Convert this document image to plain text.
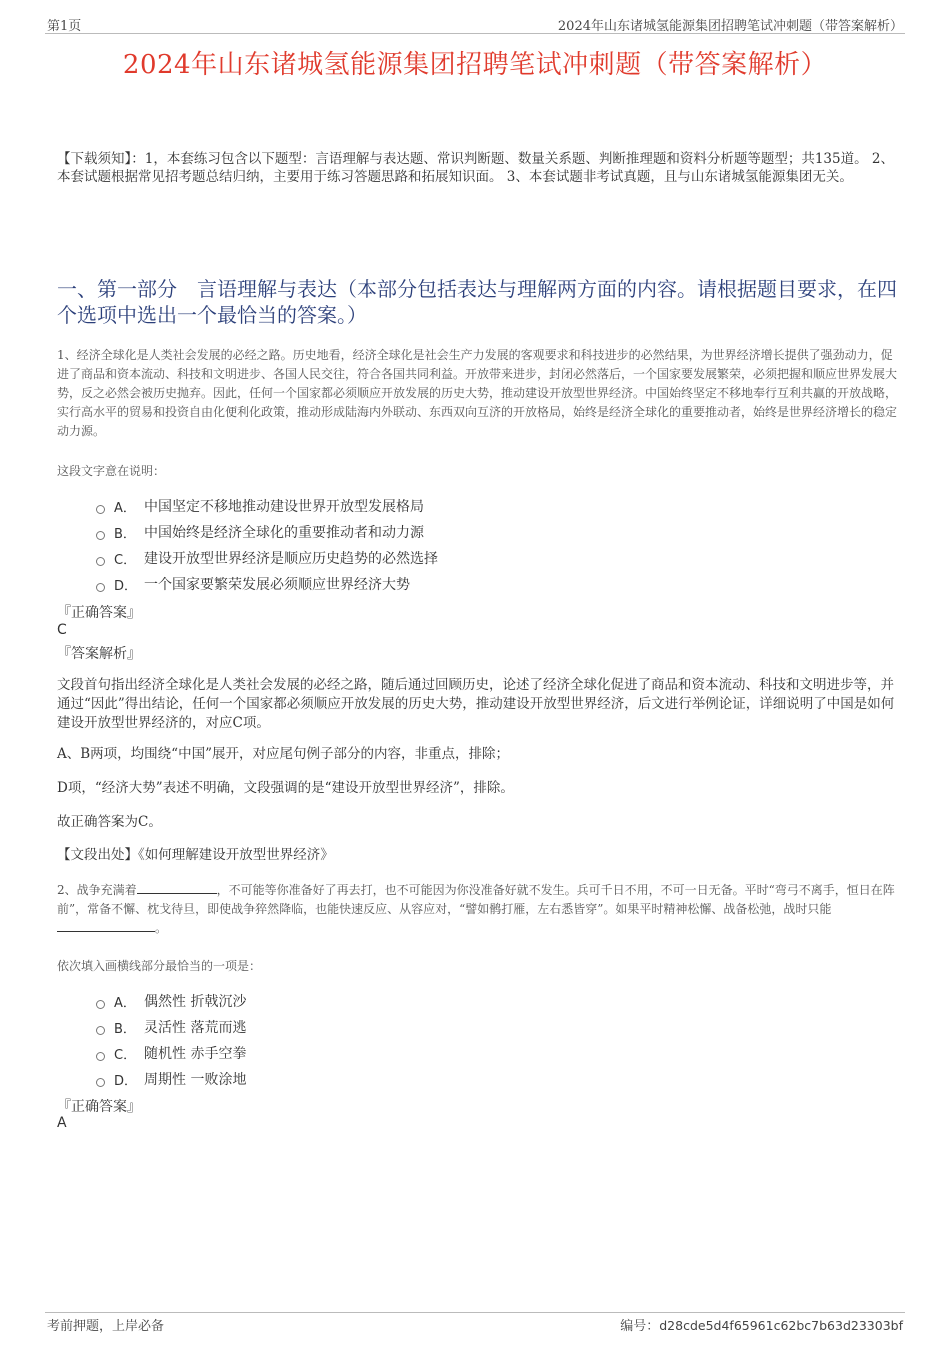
第1页	2024年山东诸城氢能源集团招聘笔试冲刺题（带答案解析）
2024年山东诸城氢能源集团招聘笔试冲刺题（带答案解析）
【下载须知】：1，本套练习包含以下题型：言语理解与表达题、常识判断题、数量关系题、判断推理题和资料分析题等题型；共135道。 2、本套试题根据常见招考题总结归纳，主要用于练习答题思路和拓展知识面。 3、本套试题非考试真题，且与山东诸城氢能源集团无关。
一、第一部分　言语理解与表达（本部分包括表达与理解两方面的内容。请根据题目要求，在四个选项中选出一个最恰当的答案。）
1、经济全球化是人类社会发展的必经之路。历史地看，经济全球化是社会生产力发展的客观要求和科技进步的必然结果，为世界经济增长提供了强劲动力，促进了商品和资本流动、科技和文明进步、各国人民交往，符合各国共同利益。开放带来进步，封闭必然落后，一个国家要发展繁荣，必须把握和顺应世界发展大势，反之必然会被历史抛弃。因此，任何一个国家都必须顺应开放发展的历史大势，推动建设开放型世界经济。中国始终坚定不移地奉行互利共赢的开放战略，实行高水平的贸易和投资自由化便利化政策，推动形成陆海内外联动、东西双向互济的开放格局，始终是经济全球化的重要推动者，始终是世界经济增长的稳定动力源。
这段文字意在说明：
A． 中国坚定不移地推动建设世界开放型发展格局
B． 中国始终是经济全球化的重要推动者和动力源
C． 建设开放型世界经济是顺应历史趋势的必然选择
D． 一个国家要繁荣发展必须顺应世界经济大势
『正确答案』
C
『答案解析』
文段首句指出经济全球化是人类社会发展的必经之路，随后通过回顾历史，论述了经济全球化促进了商品和资本流动、科技和文明进步等，并通过“因此”得出结论，任何一个国家都必须顺应开放发展的历史大势，推动建设开放型世界经济，后文进行举例论证，详细说明了中国是如何建设开放型世界经济的，对应C项。
A、B两项，均围绕“中国”展开，对应尾句例子部分的内容，非重点，排除；
D项，“经济大势”表述不明确，文段强调的是“建设开放型世界经济”，排除。
故正确答案为C。
【文段出处】《如何理解建设开放型世界经济》
2、战争充满着	，不可能等你准备好了再去打，也不可能因为你没准备好就不发生。兵可千日不用，不可一日无备。平时“弯弓不离手，恒日在阵前”，常备不懈、枕戈待旦，即使战争猝然降临，也能快速反应、从容应对，“譬如鹘打雁，左右悉皆穿”。如果平时精神松懈、战备松弛，战时只能。
依次填入画横线部分最恰当的一项是：
A． 偶然性 折戟沉沙
B． 灵活性 落荒而逃
C． 随机性 赤手空拳
D． 周期性 一败涂地
『正确答案』
A
考前押题，上岸必备	编号：d28cde5d4f65961c62bc7b63d23303bf
